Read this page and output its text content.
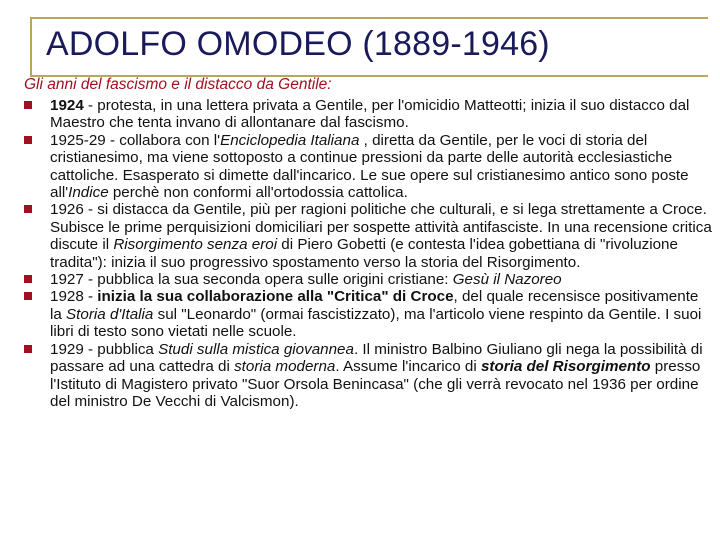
ADOLFO OMODEO (1889-1946)

Gli anni del fascismo e il distacco da Gentile:

1924 - protesta, in una lettera privata a Gentile, per l'omicidio Matteotti; inizia il suo distacco dal Maestro che tenta invano di allontanare dal fascismo.
1925-29 - collabora con l'Enciclopedia Italiana , diretta da Gentile, per le voci di storia del cristianesimo, ma viene sottoposto a continue pressioni da parte delle autorità ecclesiastiche cattoliche. Esasperato si dimette dall'incarico. Le sue opere sul cristianesimo antico sono poste all'Indice perchè non conformi all'ortodossia cattolica.
1926 - si distacca da Gentile, più per ragioni politiche che culturali, e si lega strettamente a Croce. Subisce le prime perquisizioni domiciliari per sospette attività antifasciste. In una recensione critica discute il Risorgimento senza eroi di Piero Gobetti (e contesta l'idea gobettiana di "rivoluzione tradita"): inizia il suo progressivo spostamento verso la storia del Risorgimento.
1927 - pubblica la sua seconda opera sulle origini cristiane: Gesù il Nazoreo
1928 - inizia la sua collaborazione alla "Critica" di Croce, del quale recensisce positivamente la Storia d'Italia sul "Leonardo" (ormai fascistizzato), ma l'articolo viene respinto da Gentile. I suoi libri di testo sono vietati nelle scuole.
1929 - pubblica Studi sulla mistica giovannea. Il ministro Balbino Giuliano gli nega la possibilità di passare ad una cattedra di storia moderna. Assume l'incarico di storia del Risorgimento presso l'Istituto di Magistero privato "Suor Orsola Benincasa" (che gli verrà revocato nel 1936 per ordine del ministro De Vecchi di Valcismon).
